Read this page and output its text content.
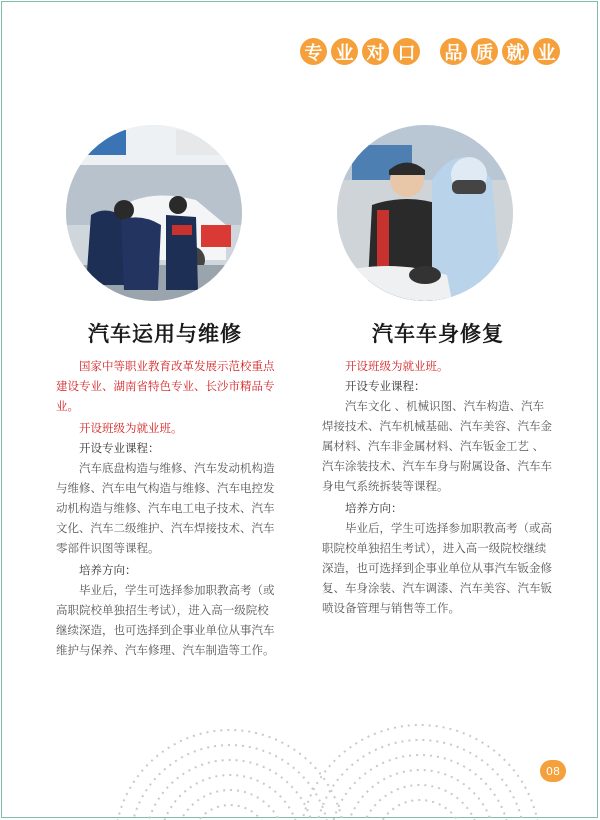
专 业 对 口 品 质 就 业
汽车运用与维修	汽车车身修复

国家中等职业教育改革发展示范校重点建设专业、湖南省特色专业、长沙市精品专业。

开设班级为就业班。

开设专业课程：

汽车底盘构造与维修、汽车发动机构造与维修、汽车电气构造与维修、汽车电控发动机构造与维修、汽车电工电子技术、汽车文化、汽车二级维护、汽车焊接技术、汽车零部件识图等课程。

培养方向：

毕业后，学生可选择参加职教高考（或高职院校单独招生考试），进入高一级院校继续深造，也可选择到企事业单位从事汽车维护与保养、汽车修理、汽车制造等工作。

开设班级为就业班。

开设专业课程：

汽车文化 、机械识图、汽车构造、汽车焊接技术、汽车机械基础、汽车美容、汽车金属材料、汽车非金属材料、汽车钣金工艺 、汽车涂装技术、汽车车身与附属设备、汽车车身电气系统拆装等课程。

培养方向：

毕业后，学生可选择参加职教高考（或高职院校单独招生考试），进入高一级院校继续深造，也可选择到企事业单位从事汽车钣金修复、车身涂装、汽车调漆、汽车美容、汽车钣喷设备管理与销售等工作。

08
